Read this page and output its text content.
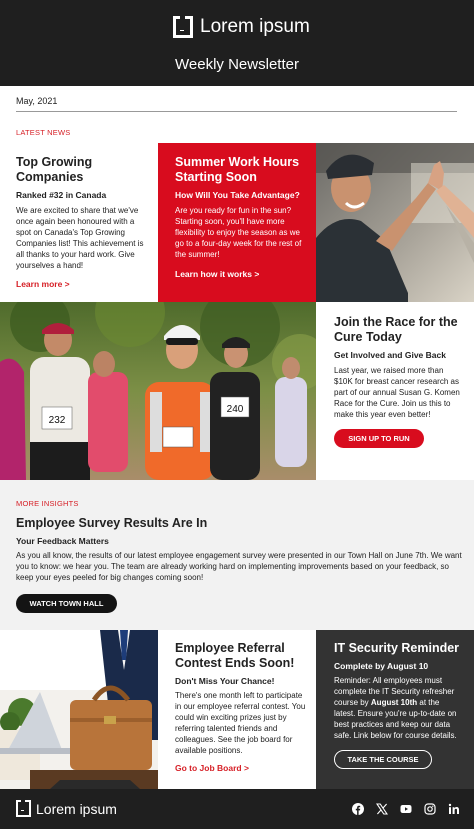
Lorem ipsum
Weekly Newsletter
May, 2021
LATEST NEWS
Top Growing Companies
Ranked #32 in Canada
We are excited to share that we've once again been honoured with a spot on Canada's Top Growing Companies list! This achievement is all thanks to your hard work. Give yourselves a hand!
Learn more >
Summer Work Hours Starting Soon
How Will You Take Advantage?
Are you ready for fun in the sun? Starting soon, you'll have more flexibility to enjoy the season as we go to a four-day week for the rest of the summer!
Learn how it works >
232
240
Join the Race for the Cure Today
Get Involved and Give Back
Last year, we raised more than $10K for breast cancer research as part of our annual Susan G. Komen Race for the Cure. Join us this to make this year even better!
SIGN UP TO RUN
MORE INSIGHTS
Employee Survey Results Are In
Your Feedback Matters
As you all know, the results of our latest employee engagement survey were presented in our Town Hall on June 7th. We want you to know: we hear you. The team are already working hard on implementing improvements based on your feedback, so keep your eyes peeled for big changes coming soon!
WATCH TOWN HALL
Employee Referral Contest Ends Soon!
Don't Miss Your Chance!
There's one month left to participate in our employee referral contest. You could win exciting prizes just by referring talented friends and colleagues. See the job board for available positions.
Go to Job Board >
IT Security Reminder
Complete by August 10
Reminder: All employees must complete the IT Security refresher course by August 10th at the latest. Ensure you're up-to-date on best practices and keep our data safe. Link below for course details.
TAKE THE COURSE
Lorem ipsum
